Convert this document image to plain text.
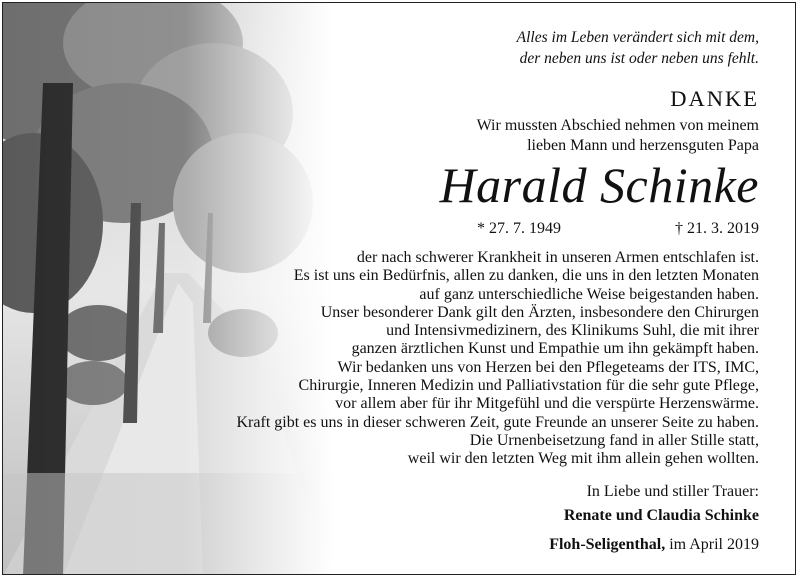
Alles im Leben verändert sich mit dem,
der neben uns ist oder neben uns fehlt.
DANKE
Wir mussten Abschied nehmen von meinem
lieben Mann und herzensguten Papa
Harald Schinke
* 27. 7. 1949	† 21. 3. 2019
der nach schwerer Krankheit in unseren Armen entschlafen ist.
Es ist uns ein Bedürfnis, allen zu danken, die uns in den letzten Monaten
auf ganz unterschiedliche Weise beigestanden haben.
Unser besonderer Dank gilt den Ärzten, insbesondere den Chirurgen
und Intensivmedizinern, des Klinikums Suhl, die mit ihrer
ganzen ärztlichen Kunst und Empathie um ihn gekämpft haben.
Wir bedanken uns von Herzen bei den Pflegeteams der ITS, IMC,
Chirurgie, Inneren Medizin und Palliativstation für die sehr gute Pflege,
vor allem aber für ihr Mitgefühl und die verspürte Herzenswärme.
Kraft gibt es uns in dieser schweren Zeit, gute Freunde an unserer Seite zu haben.
Die Urnenbeisetzung fand in aller Stille statt,
weil wir den letzten Weg mit ihm allein gehen wollten.
In Liebe und stiller Trauer:
Renate und Claudia Schinke
Floh-Seligenthal, im April 2019
